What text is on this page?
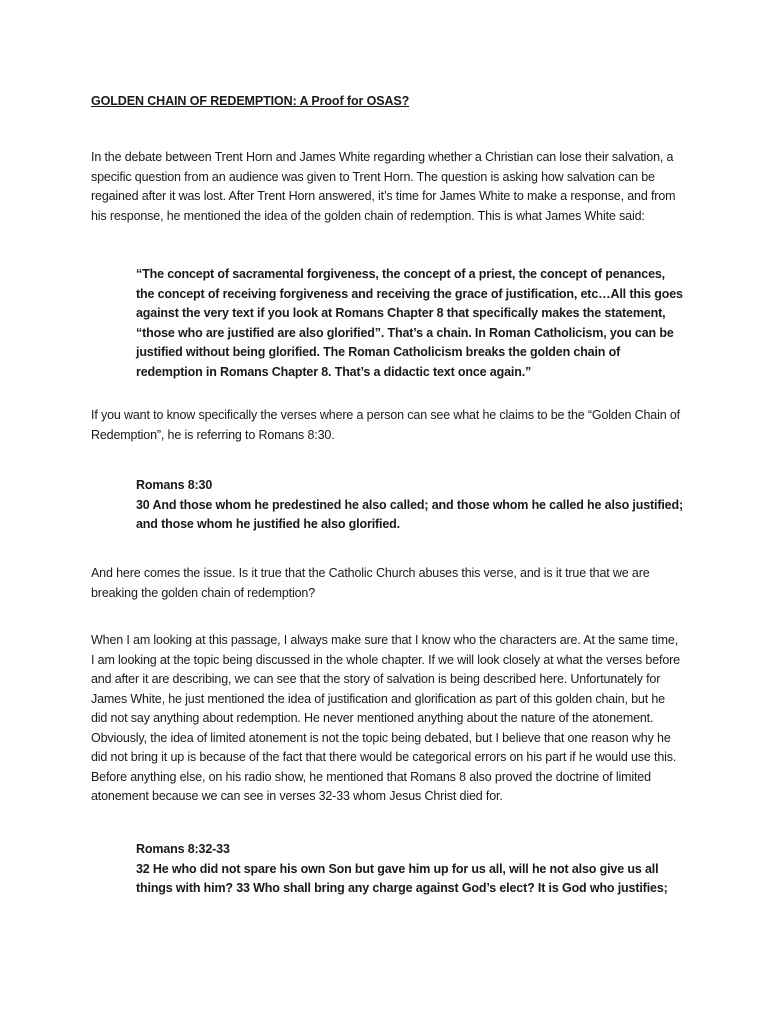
GOLDEN CHAIN OF REDEMPTION: A Proof for OSAS?

In the debate between Trent Horn and James White regarding whether a Christian can lose their salvation, a specific question from an audience was given to Trent Horn. The question is asking how salvation can be regained after it was lost. After Trent Horn answered, it’s time for James White to make a response, and from his response, he mentioned the idea of the golden chain of redemption. This is what James White said:

“The concept of sacramental forgiveness, the concept of a priest, the concept of penances, the concept of receiving forgiveness and receiving the grace of justification, etc…All this goes against the very text if you look at Romans Chapter 8 that specifically makes the statement, “those who are justified are also glorified”. That’s a chain. In Roman Catholicism, you can be justified without being glorified. The Roman Catholicism breaks the golden chain of redemption in Romans Chapter 8. That’s a didactic text once again.”

If you want to know specifically the verses where a person can see what he claims to be the “Golden Chain of Redemption”, he is referring to Romans 8:30.

Romans 8:30

30 And those whom he predestined he also called; and those whom he called he also justified; and those whom he justified he also glorified.

And here comes the issue. Is it true that the Catholic Church abuses this verse, and is it true that we are breaking the golden chain of redemption?

When I am looking at this passage, I always make sure that I know who the characters are. At the same time, I am looking at the topic being discussed in the whole chapter. If we will look closely at what the verses before and after it are describing, we can see that the story of salvation is being described here. Unfortunately for James White, he just mentioned the idea of justification and glorification as part of this golden chain, but he did not say anything about redemption. He never mentioned anything about the nature of the atonement. Obviously, the idea of limited atonement is not the topic being debated, but I believe that one reason why he did not bring it up is because of the fact that there would be categorical errors on his part if he would use this. Before anything else, on his radio show, he mentioned that Romans 8 also proved the doctrine of limited atonement because we can see in verses 32-33 whom Jesus Christ died for.

Romans 8:32-33

32 He who did not spare his own Son but gave him up for us all, will he not also give us all things with him? 33 Who shall bring any charge against God’s elect? It is God who justifies;
